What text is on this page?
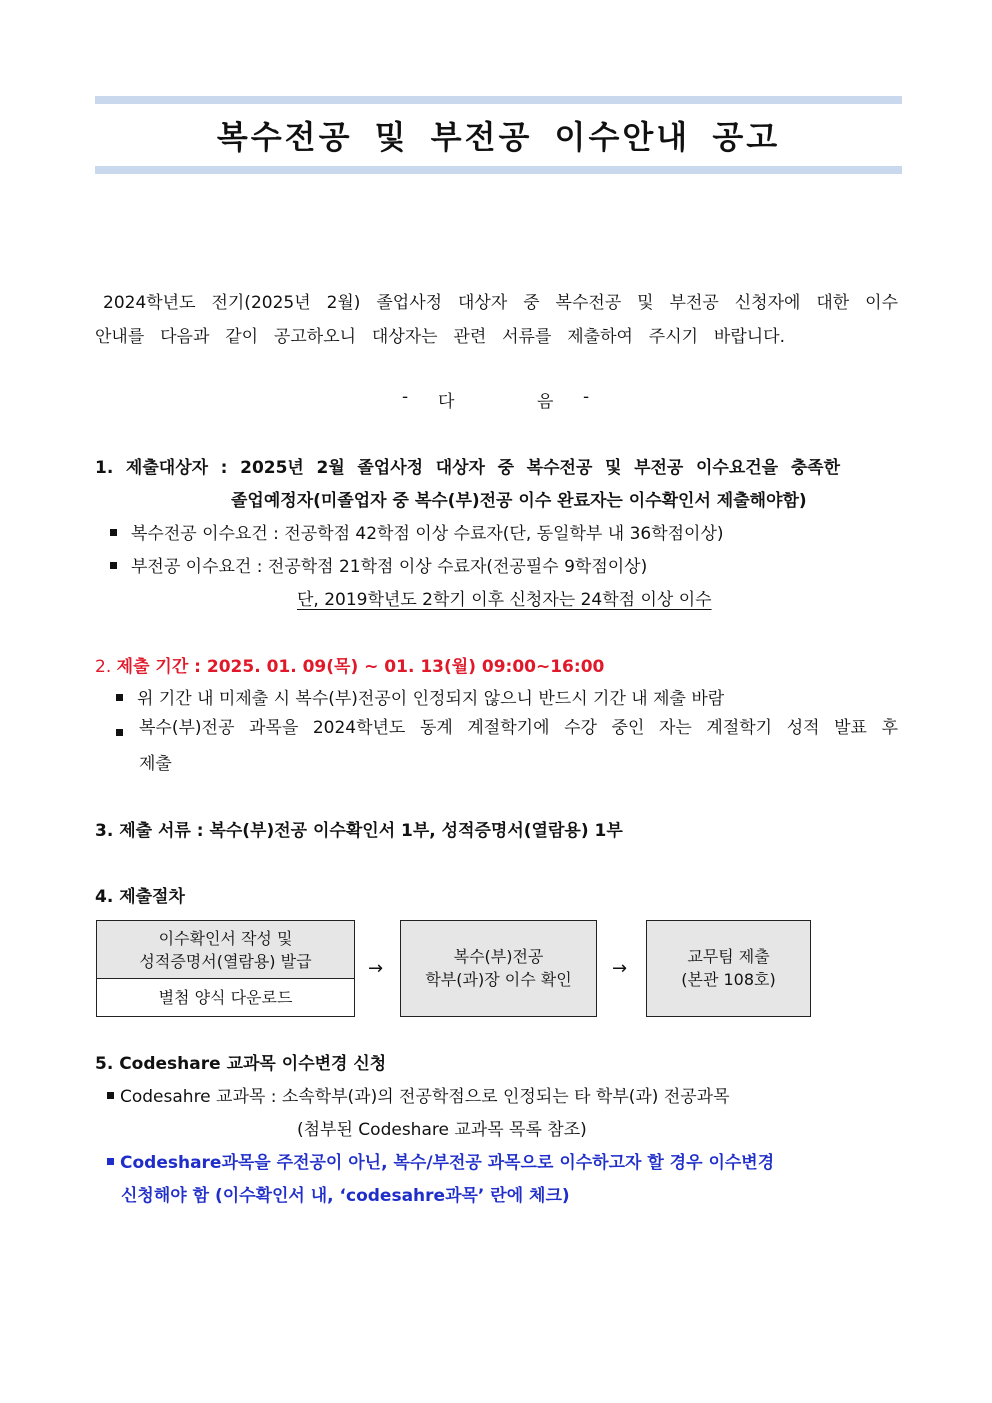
복수전공 및 부전공 이수안내 공고
2024학년도 전기(2025년 2월) 졸업사정 대상자 중 복수전공 및 부전공 신청자에 대한 이수
안내를 다음과 같이 공고하오니 대상자는 관련 서류를 제출하여 주시기 바랍니다.
- 다	음 -
1. 제출대상자 : 2025년 2월 졸업사정 대상자 중 복수전공 및 부전공 이수요건을 충족한
졸업예정자(미졸업자 중 복수(부)전공 이수 완료자는 이수확인서 제출해야함)
복수전공 이수요건 : 전공학점 42학점 이상 수료자(단, 동일학부 내 36학점이상)
부전공 이수요건 : 전공학점 21학점 이상 수료자(전공필수 9학점이상)
단, 2019학년도 2학기 이후 신청자는 24학점 이상 이수
2. 제출 기간 : 2025. 01. 09(목) ~ 01. 13(월) 09:00~16:00
위 기간 내 미제출 시 복수(부)전공이 인정되지 않으니 반드시 기간 내 제출 바람
복수(부)전공 과목을 2024학년도 동계 계절학기에 수강 중인 자는 계절학기 성적 발표 후
제출
3. 제출 서류 : 복수(부)전공 이수확인서 1부, 성적증명서(열람용) 1부
4. 제출절차
이수확인서 작성 및
성적증명서(열람용) 발급
별첨 양식 다운로드
→
복수(부)전공
학부(과)장 이수 확인
→
교무팀 제출
(본관 108호)
5. Codeshare 교과목 이수변경 신청
Codesahre 교과목 : 소속학부(과)의 전공학점으로 인정되는 타 학부(과) 전공과목
(첨부된 Codeshare 교과목 목록 참조)
Codeshare과목을 주전공이 아닌, 복수/부전공 과목으로 이수하고자 할 경우 이수변경
신청해야 함 (이수확인서 내, ‘codesahre과목’ 란에 체크)
